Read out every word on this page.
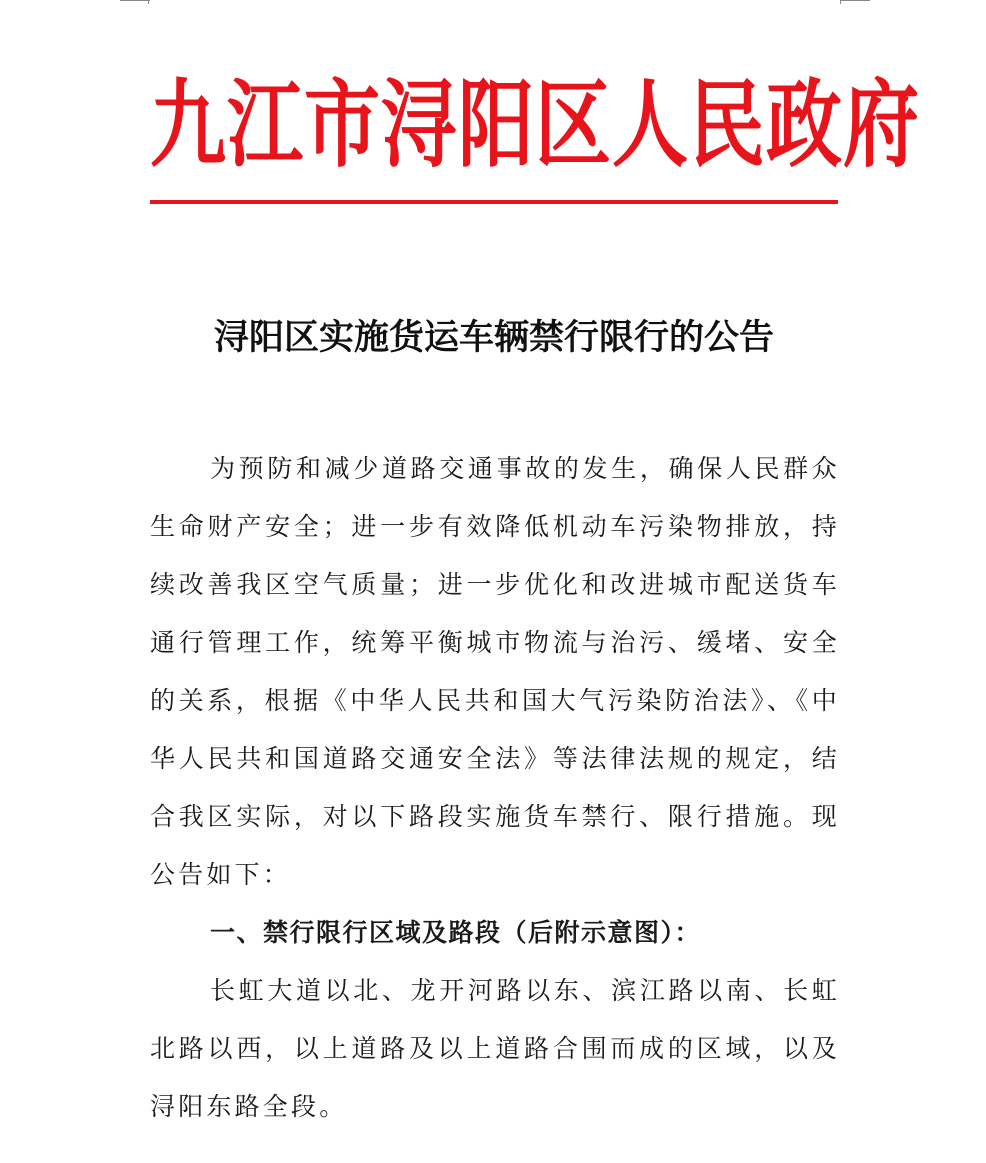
九江市浔阳区人民政府
浔阳区实施货运车辆禁行限行的公告

为预防和减少道路交通事故的发生，确保人民群众生命财产安全；进一步有效降低机动车污染物排放，持续改善我区空气质量；进一步优化和改进城市配送货车通行管理工作，统筹平衡城市物流与治污、缓堵、安全的关系，根据《中华人民共和国大气污染防治法》、《中华人民共和国道路交通安全法》等法律法规的规定，结合我区实际，对以下路段实施货车禁行、限行措施。现公告如下：

一、禁行限行区域及路段（后附示意图）：

长虹大道以北、龙开河路以东、滨江路以南、长虹北路以西，以上道路及以上道路合围而成的区域，以及浔阳东路全段。
